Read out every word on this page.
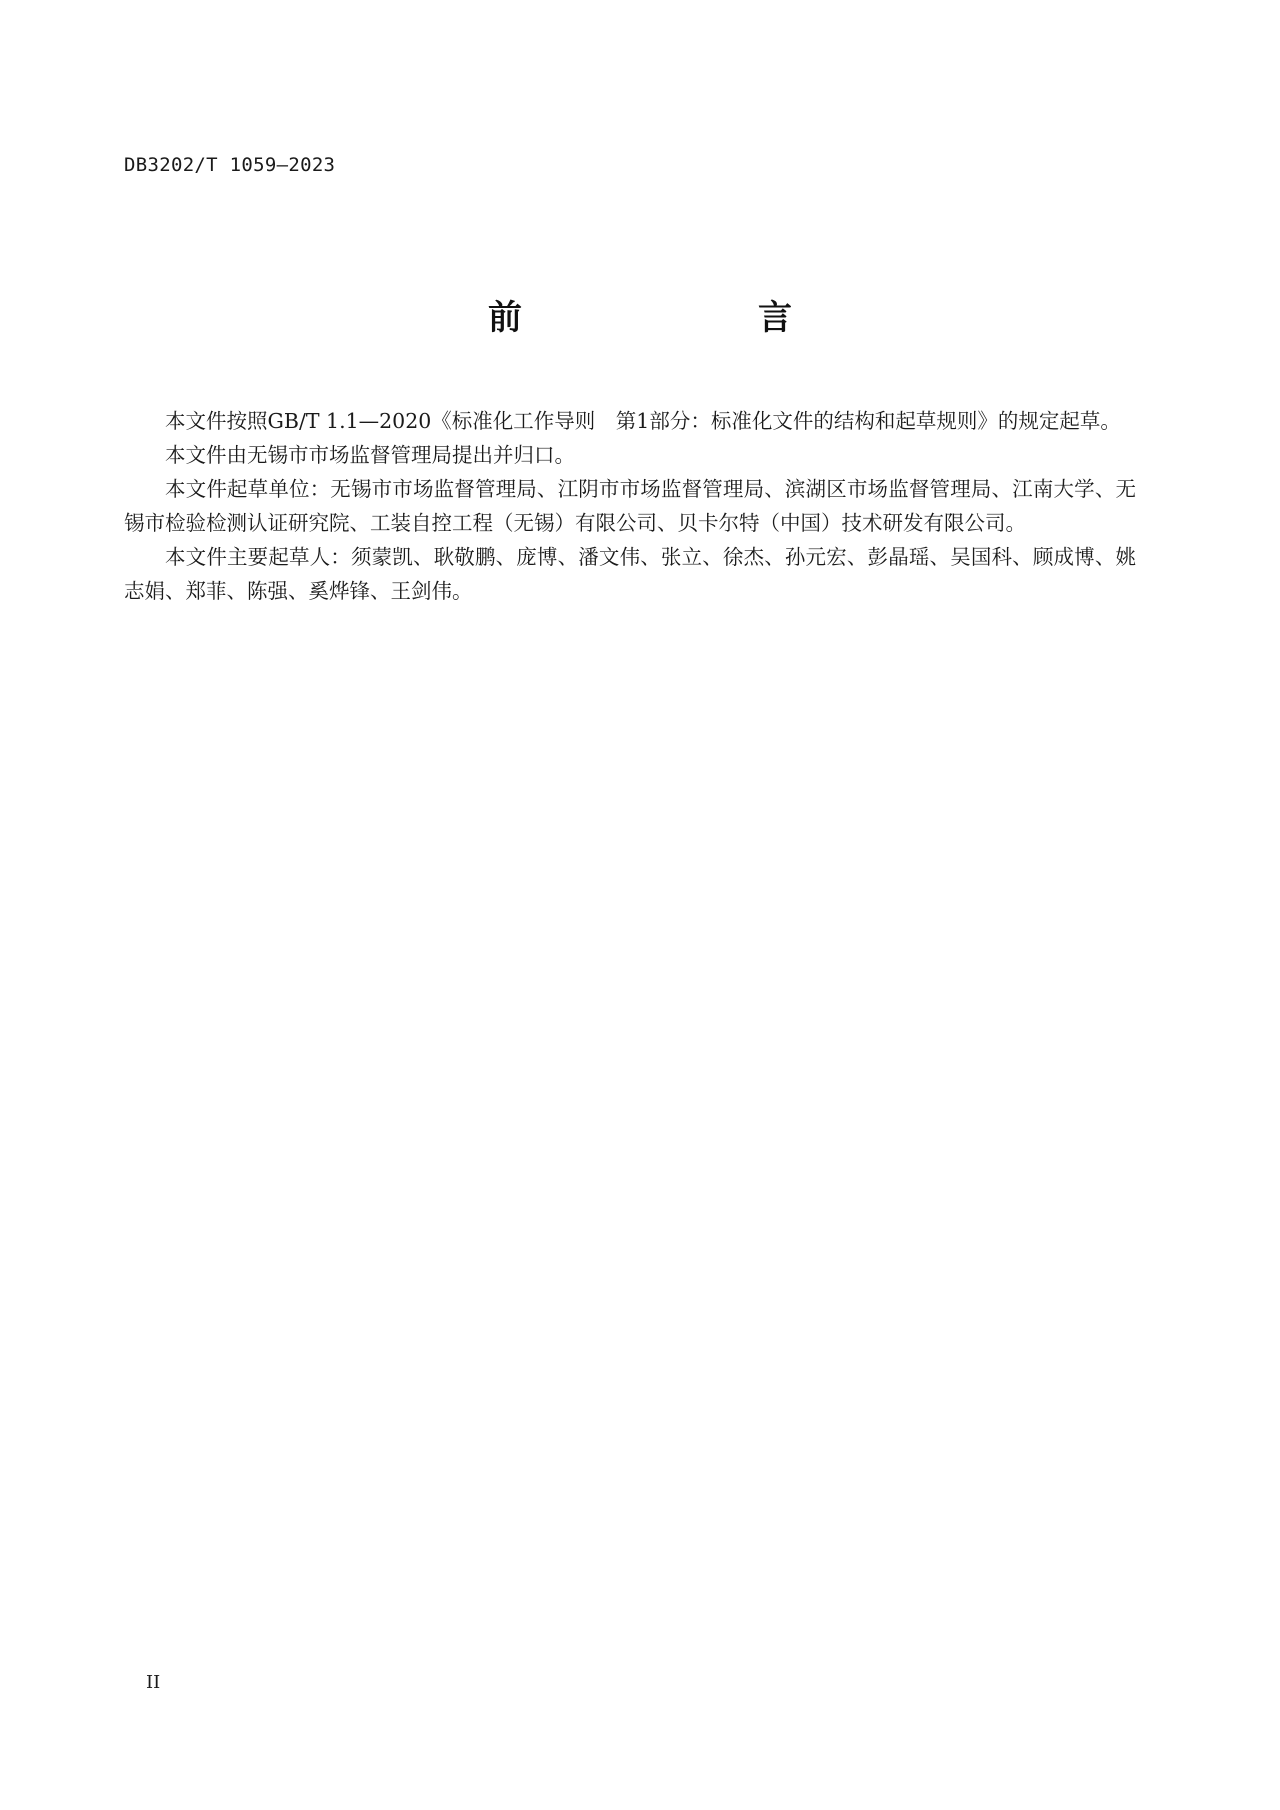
DB3202/T 1059—2023
前　　言

本文件按照GB/T 1.1—2020《标准化工作导则　第1部分：标准化文件的结构和起草规则》的规定起草。

本文件由无锡市市场监督管理局提出并归口。

本文件起草单位：无锡市市场监督管理局、江阴市市场监督管理局、滨湖区市场监督管理局、江南大学、无锡市检验检测认证研究院、工装自控工程（无锡）有限公司、贝卡尔特（中国）技术研发有限公司。

本文件主要起草人：须蒙凯、耿敬鹏、庞博、潘文伟、张立、徐杰、孙元宏、彭晶瑶、吴国科、顾成博、姚志娟、郑菲、陈强、奚烨锋、王剑伟。

II
